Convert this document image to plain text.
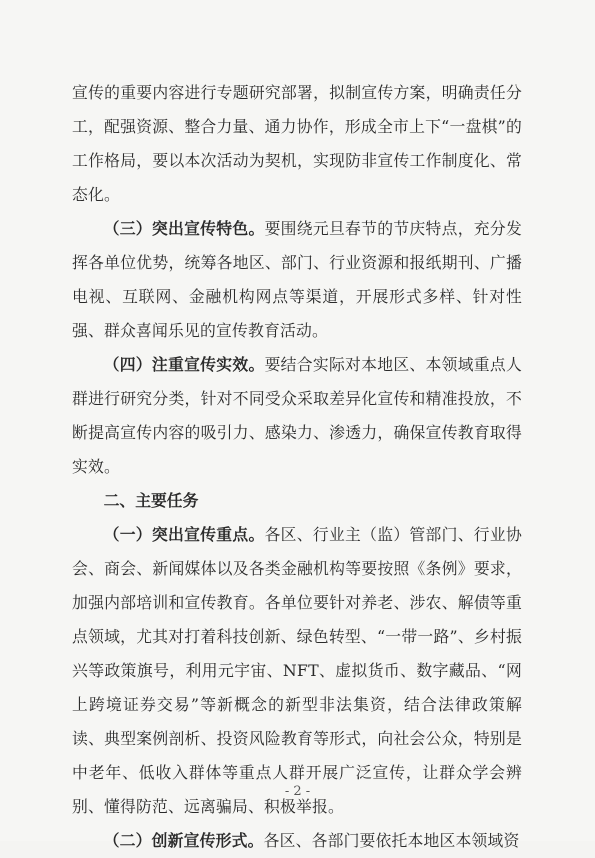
宣传的重要内容进行专题研究部署，拟制宣传方案，明确责任分工，配强资源、整合力量、通力协作，形成全市上下“一盘棋”的工作格局，要以本次活动为契机，实现防非宣传工作制度化、常态化。

（三）突出宣传特色。要围绕元旦春节的节庆特点，充分发挥各单位优势，统筹各地区、部门、行业资源和报纸期刊、广播电视、互联网、金融机构网点等渠道，开展形式多样、针对性强、群众喜闻乐见的宣传教育活动。

（四）注重宣传实效。要结合实际对本地区、本领域重点人群进行研究分类，针对不同受众采取差异化宣传和精准投放，不断提高宣传内容的吸引力、感染力、渗透力，确保宣传教育取得实效。

二、主要任务

（一）突出宣传重点。各区、行业主（监）管部门、行业协会、商会、新闻媒体以及各类金融机构等要按照《条例》要求，加强内部培训和宣传教育。各单位要针对养老、涉农、解债等重点领域，尤其对打着科技创新、绿色转型、“一带一路”、乡村振兴等政策旗号，利用元宇宙、NFT、虚拟货币、数字藏品、“网上跨境证券交易”等新概念的新型非法集资，结合法律政策解读、典型案例剖析、投资风险教育等形式，向社会公众，特别是中老年、低收入群体等重点人群开展广泛宣传，让群众学会辨别、懂得防范、远离骗局、积极举报。

（二）创新宣传形式。各区、各部门要依托本地区本领域资

- 2 -
